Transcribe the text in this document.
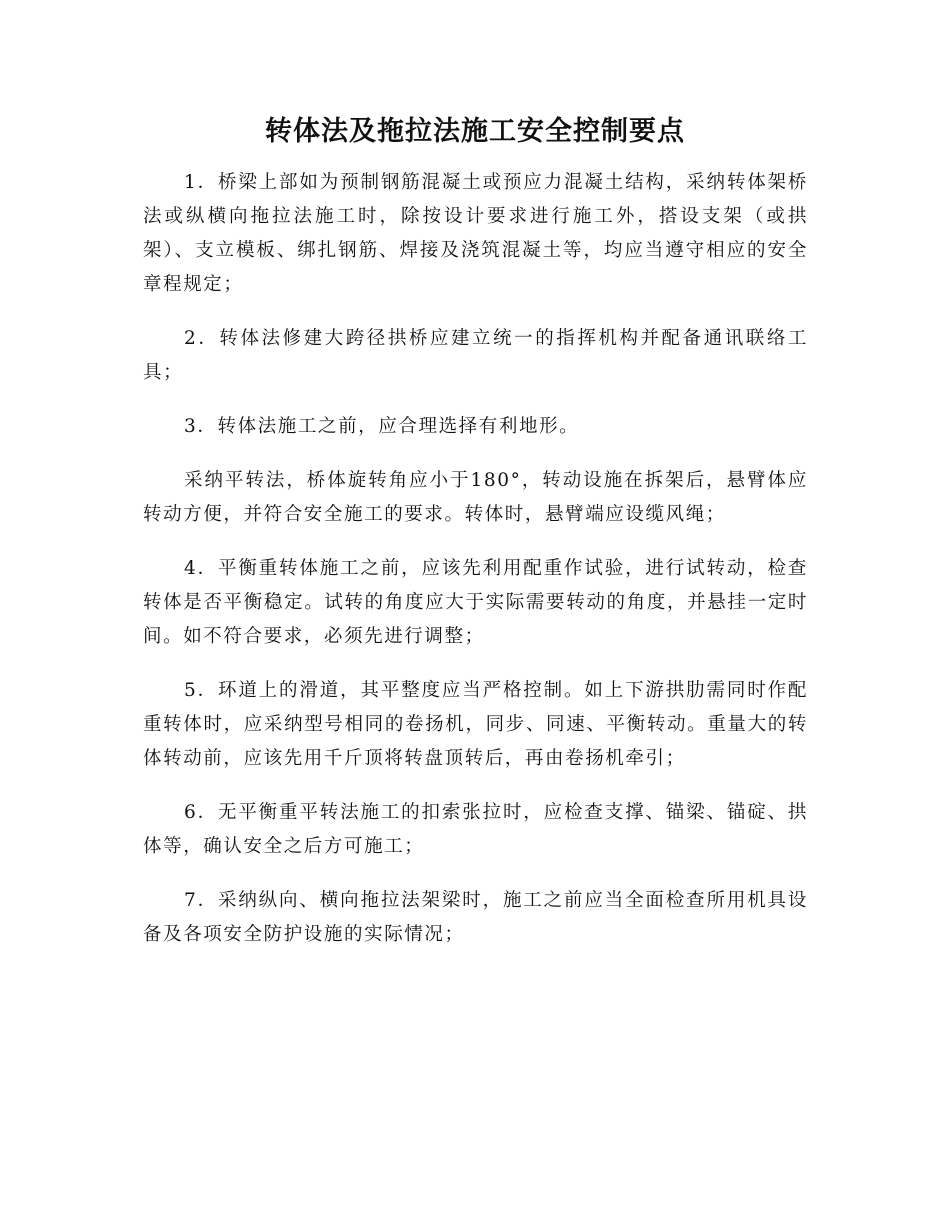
转体法及拖拉法施工安全控制要点

1．桥梁上部如为预制钢筋混凝土或预应力混凝土结构，采纳转体架桥法或纵横向拖拉法施工时，除按设计要求进行施工外，搭设支架（或拱架）、支立模板、绑扎钢筋、焊接及浇筑混凝土等，均应当遵守相应的安全章程规定；

2．转体法修建大跨径拱桥应建立统一的指挥机构并配备通讯联络工具；

3．转体法施工之前，应合理选择有利地形。

采纳平转法，桥体旋转角应小于180°，转动设施在拆架后，悬臂体应转动方便，并符合安全施工的要求。转体时，悬臂端应设缆风绳；

4．平衡重转体施工之前，应该先利用配重作试验，进行试转动，检查转体是否平衡稳定。试转的角度应大于实际需要转动的角度，并悬挂一定时间。如不符合要求，必须先进行调整；

5．环道上的滑道，其平整度应当严格控制。如上下游拱肋需同时作配重转体时，应采纳型号相同的卷扬机，同步、同速、平衡转动。重量大的转体转动前，应该先用千斤顶将转盘顶转后，再由卷扬机牵引；

6．无平衡重平转法施工的扣索张拉时，应检查支撑、锚梁、锚碇、拱体等，确认安全之后方可施工；

7．采纳纵向、横向拖拉法架梁时，施工之前应当全面检查所用机具设备及各项安全防护设施的实际情况；
